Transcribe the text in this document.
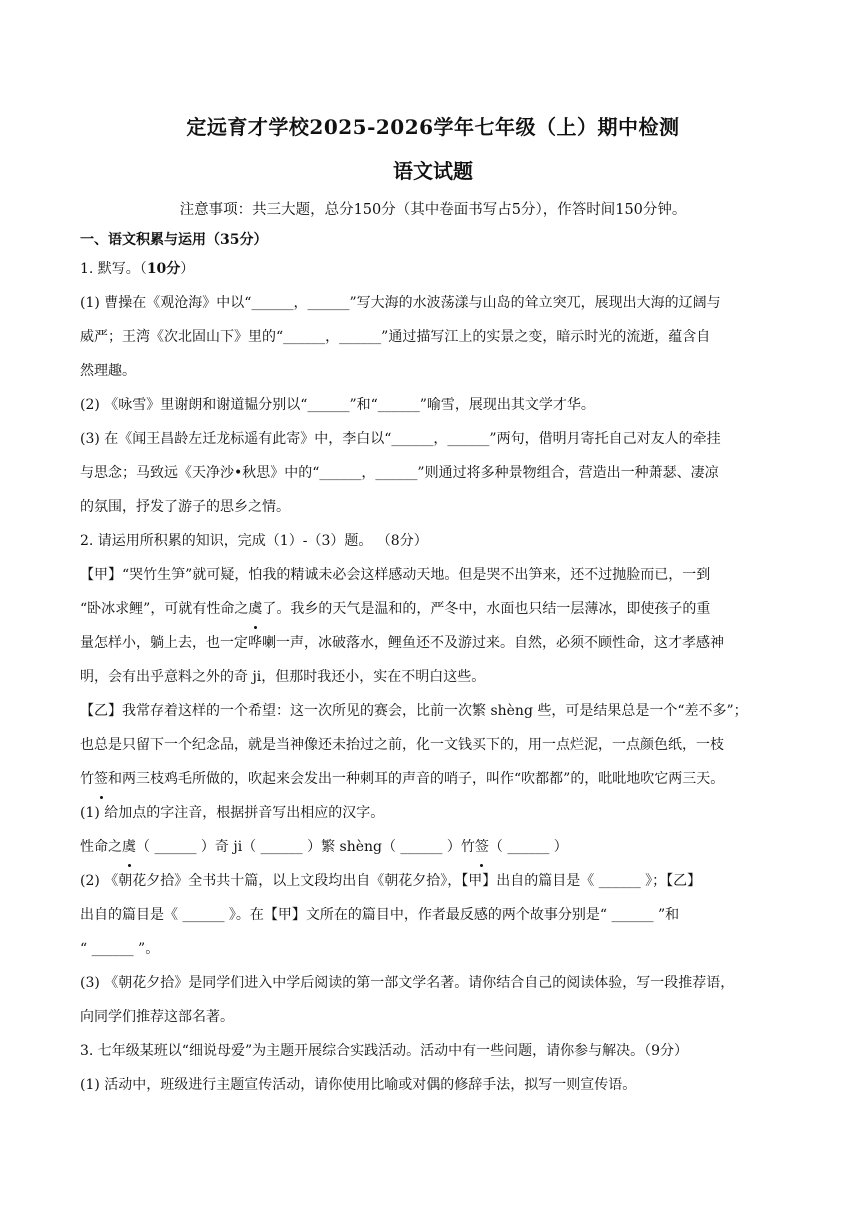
定远育才学校2025-2026学年七年级（上）期中检测
语文试题

注意事项：共三大题，总分150分（其中卷面书写占5分），作答时间150分钟。

一、语文积累与运用（35分）
1. 默写。（10分）

(1) 曹操在《观沧海》中以“______，______”写大海的水波荡漾与山岛的耸立突兀，展现出大海的辽阔与

威严；王湾《次北固山下》里的“______，______”通过描写江上的实景之变，暗示时光的流逝，蕴含自

然理趣。

(2) 《咏雪》里谢朗和谢道韫分别以“______”和“______”喻雪，展现出其文学才华。

(3) 在《闻王昌龄左迁龙标遥有此寄》中，李白以“______，______”两句，借明月寄托自己对友人的牵挂

与思念；马致远《天净沙•秋思》中的“______，______”则通过将多种景物组合，营造出一种萧瑟、凄凉

的氛围，抒发了游子的思乡之情。

2. 请运用所积累的知识，完成（1）-（3）题。 （8分）

【甲】“哭竹生笋”就可疑，怕我的精诚未必会这样感动天地。但是哭不出笋来，还不过抛脸而已，一到

“卧冰求鲤”，可就有性命之虞了。我乡的天气是温和的，严冬中，水面也只结一层薄冰，即使孩子的重

量怎样小，躺上去，也一定哗喇一声，冰破落水，鲤鱼还不及游过来。自然，必须不顾性命，这才孝感神

明，会有出乎意料之外的奇 ji，但那时我还小，实在不明白这些。

【乙】我常存着这样的一个希望：这一次所见的赛会，比前一次繁 shèng 些，可是结果总是一个“差不多”；

也总是只留下一个纪念品，就是当神像还未抬过之前，化一文钱买下的，用一点烂泥，一点颜色纸，一枝

竹签和两三枝鸡毛所做的，吹起来会发出一种刺耳的声音的哨子，叫作“吹都都”的，吡吡地吹它两三天。

(1) 给加点的字注音，根据拼音写出相应的汉字。

性命之虞（ ______ ）奇 ji（ ______ ）繁 shèng（ ______ ）竹签（ ______ ）

(2) 《朝花夕拾》全书共十篇，以上文段均出自《朝花夕拾》，【甲】出自的篇目是《 ______ 》；【乙】

出自的篇目是《 ______ 》。在【甲】文所在的篇目中，作者最反感的两个故事分别是“ ______ ”和

“ ______ ”。

(3) 《朝花夕拾》是同学们进入中学后阅读的第一部文学名著。请你结合自己的阅读体验，写一段推荐语，

向同学们推荐这部名著。

3. 七年级某班以“细说母爱”为主题开展综合实践活动。活动中有一些问题，请你参与解决。（9分）

(1) 活动中，班级进行主题宣传活动，请你使用比喻或对偶的修辞手法，拟写一则宣传语。
